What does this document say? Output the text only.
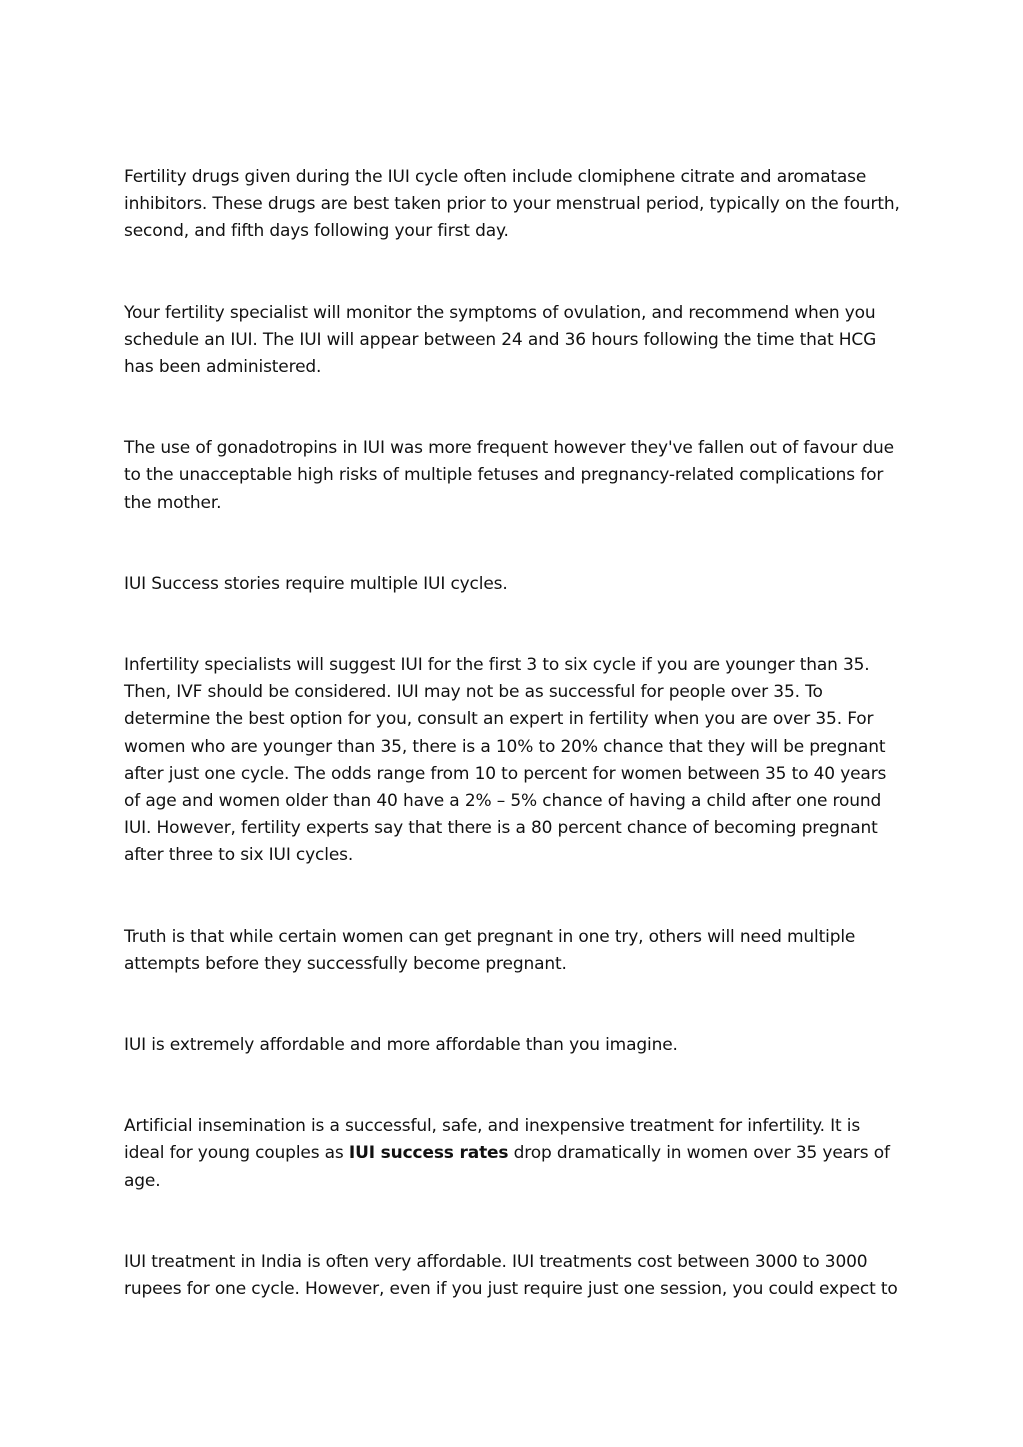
Fertility drugs given during the IUI cycle often include clomiphene citrate and aromatase inhibitors. These drugs are best taken prior to your menstrual period, typically on the fourth, second, and fifth days following your first day.

Your fertility specialist will monitor the symptoms of ovulation, and recommend when you schedule an IUI. The IUI will appear between 24 and 36 hours following the time that HCG has been administered.

The use of gonadotropins in IUI was more frequent however they've fallen out of favour due to the unacceptable high risks of multiple fetuses and pregnancy-related complications for the mother.

IUI Success stories require multiple IUI cycles.

Infertility specialists will suggest IUI for the first 3 to six cycle if you are younger than 35. Then, IVF should be considered. IUI may not be as successful for people over 35. To determine the best option for you, consult an expert in fertility when you are over 35. For women who are younger than 35, there is a 10% to 20% chance that they will be pregnant after just one cycle. The odds range from 10 to percent for women between 35 to 40 years of age and women older than 40 have a 2% – 5% chance of having a child after one round IUI. However, fertility experts say that there is a 80 percent chance of becoming pregnant after three to six IUI cycles.

Truth is that while certain women can get pregnant in one try, others will need multiple attempts before they successfully become pregnant.

IUI is extremely affordable and more affordable than you imagine.

Artificial insemination is a successful, safe, and inexpensive treatment for infertility. It is ideal for young couples as IUI success rates drop dramatically in women over 35 years of age.

IUI treatment in India is often very affordable. IUI treatments cost between 3000 to 3000 rupees for one cycle. However, even if you just require just one session, you could expect to
